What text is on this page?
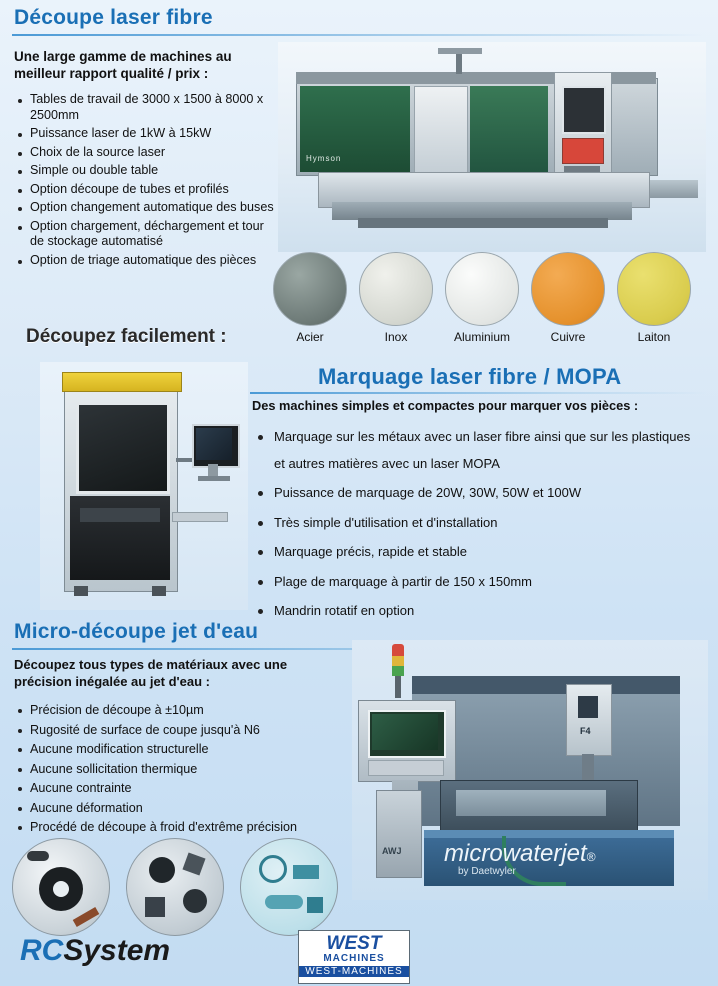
Découpe laser fibre
Une large gamme de machines au meilleur rapport qualité / prix :
Tables de travail de 3000 x 1500 à 8000 x 2500mm
Puissance laser de 1kW à 15kW
Choix de la source laser
Simple ou double table
Option découpe de tubes et profilés
Option changement automatique des buses
Option chargement, déchargement et tour de stockage automatisé
Option de triage automatique des pièces
Hymson
Acier	Inox	Aluminium	Cuivre	Laiton
Découpez facilement :
Marquage laser fibre / MOPA
Des machines simples et compactes pour marquer vos pièces :
Marquage sur les métaux avec un laser fibre ainsi que sur les plastiques et autres matières avec un laser MOPA
Puissance de marquage de 20W, 30W, 50W et 100W
Très simple d'utilisation et d'installation
Marquage précis, rapide et stable
Plage de marquage à partir de 150 x 150mm
Mandrin rotatif en option
Micro-découpe jet d'eau
Découpez tous types de matériaux avec une précision inégalée au jet d'eau :
Précision de découpe à ±10µm
Rugosité de surface de coupe jusqu'à N6
Aucune modification structurelle
Aucune sollicitation thermique
Aucune contrainte
Aucune déformation
Procédé de découpe à froid d'extrême précision
F4
AWJ microwaterjet®
by Daetwyler
RCSystem	WEST
MACHINES
WEST-MACHINES
